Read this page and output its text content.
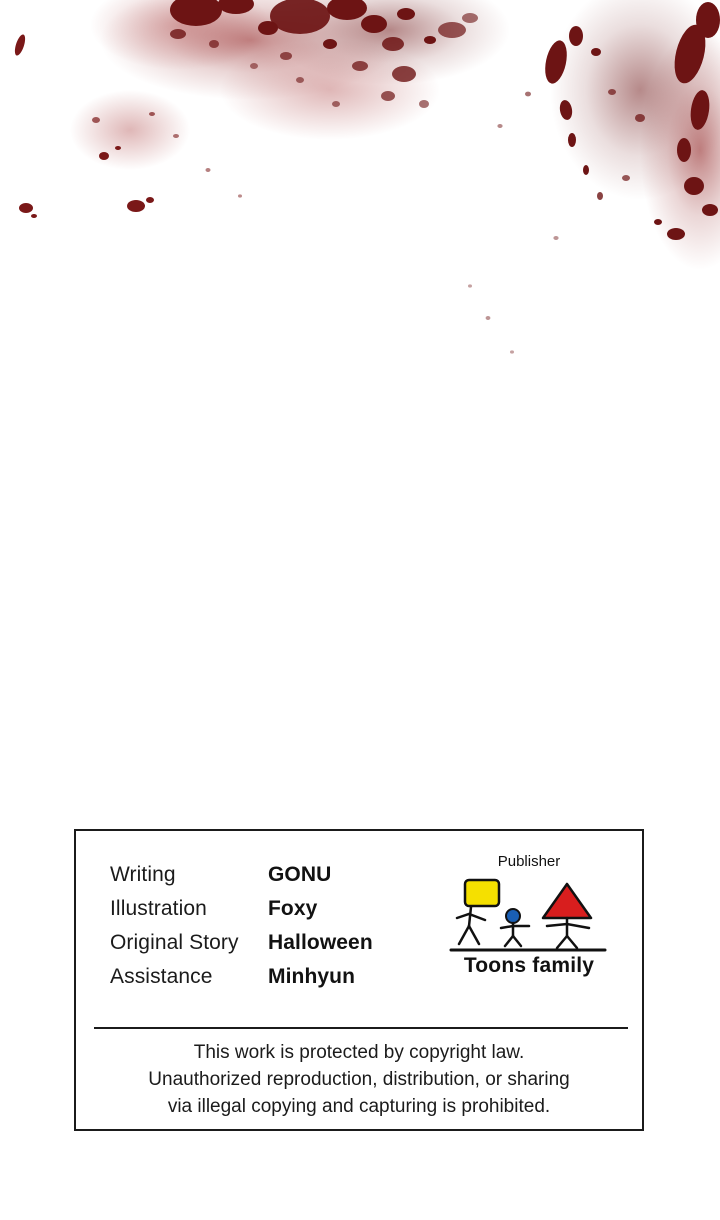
Writing	GONU
Illustration	Foxy
Original Story	Halloween
Assistance	Minhyun
Publisher
Toons family
This work is protected by copyright law.
Unauthorized reproduction, distribution, or sharing
via illegal copying and capturing is prohibited.
